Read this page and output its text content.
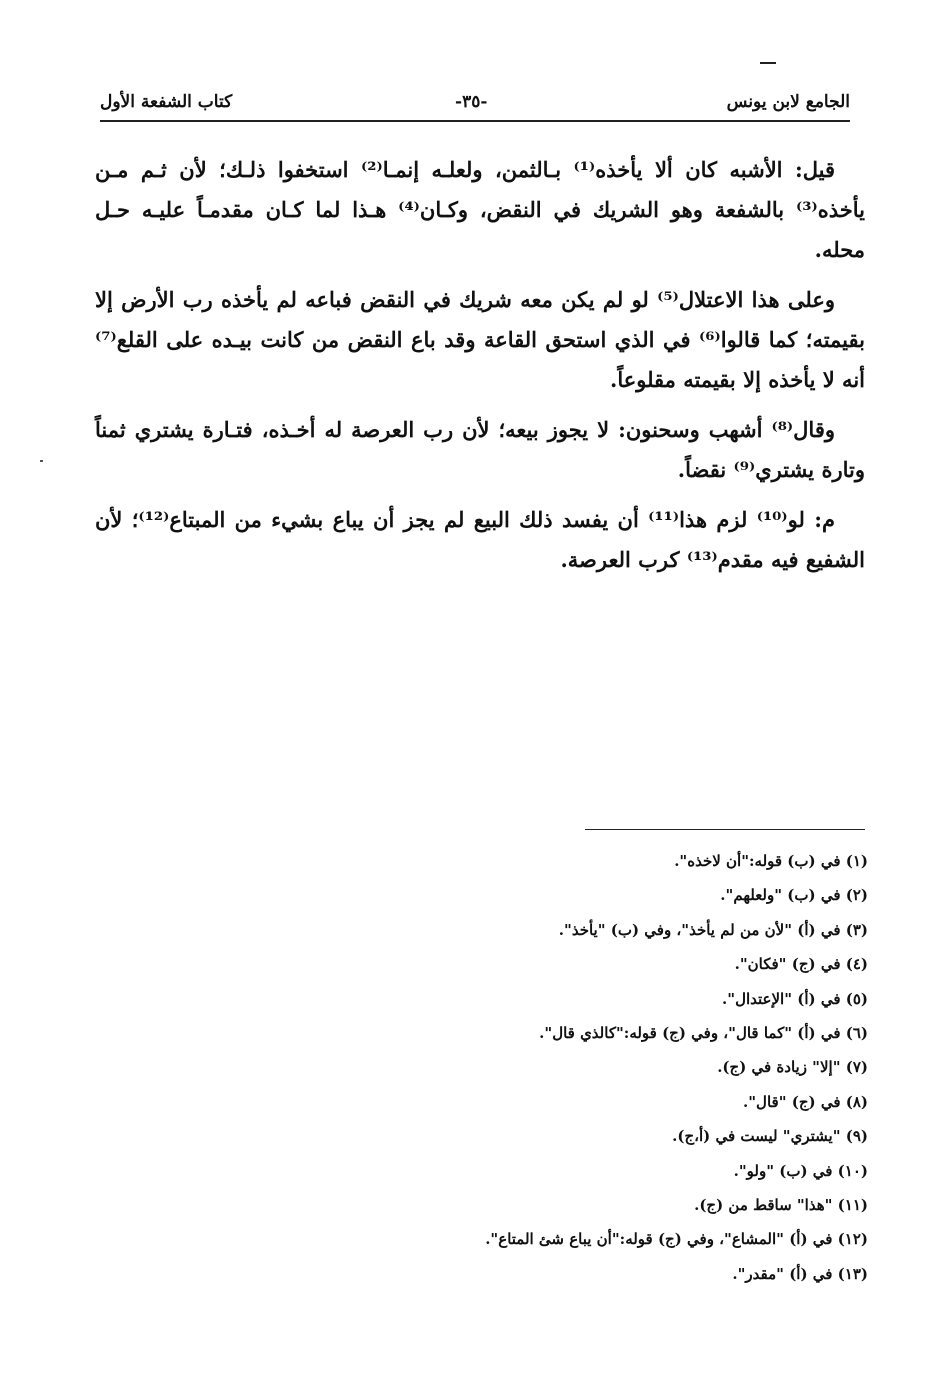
الجامع لابن يونس
-٣٥-
كتاب الشفعة الأول

قيل: الأشبه كان ألا يأخذه⁽¹⁾ بـالثمن، ولعلـه إنمـا⁽²⁾ استخفوا ذلـك؛ لأن ثـم مـن يأخذه⁽³⁾ بالشفعة وهو الشريك في النقض، وكـان⁽⁴⁾ هـذا لما كـان مقدمـاً عليـه حـل محله.

وعلى هذا الاعتلال⁽⁵⁾ لو لم يكن معه شريك في النقض فباعه لم يأخذه رب الأرض إلا بقيمته؛ كما قالوا⁽⁶⁾ في الذي استحق القاعة وقد باع النقض من كانت بيـده على القلع⁽⁷⁾ أنه لا يأخذه إلا بقيمته مقلوعاً.

وقال⁽⁸⁾ أشهب وسحنون: لا يجوز بيعه؛ لأن رب العرصة له أخـذه، فتـارة يشتري ثمناً وتارة يشتري⁽⁹⁾ نقضاً.

م: لو⁽¹⁰⁾ لزم هذا⁽¹¹⁾ أن يفسد ذلك البيع لم يجز أن يباع بشيء من المبتاع⁽¹²⁾؛ لأن الشفيع فيه مقدم⁽¹³⁾ كرب العرصة.

(١) في (ب) قوله:"أن لاخذه".
(٢) في (ب) "ولعلهم".
(٣) في (أ) "لأن من لم يأخذ"، وفي (ب) "يأخذ".
(٤) في (ج) "فكان".
(٥) في (أ) "الإعتدال".
(٦) في (أ) "كما قال"، وفي (ج) قوله:"كالذي قال".
(٧) "إلا" زيادة في (ج).
(٨) في (ج) "قال".
(٩) "يشتري" ليست في (أ،ج).
(١٠) في (ب) "ولو".
(١١) "هذا" ساقط من (ج).
(١٢) في (أ) "المشاع"، وفي (ج) قوله:"أن يباع شئ المتاع".
(١٣) في (أ) "مقدر".
